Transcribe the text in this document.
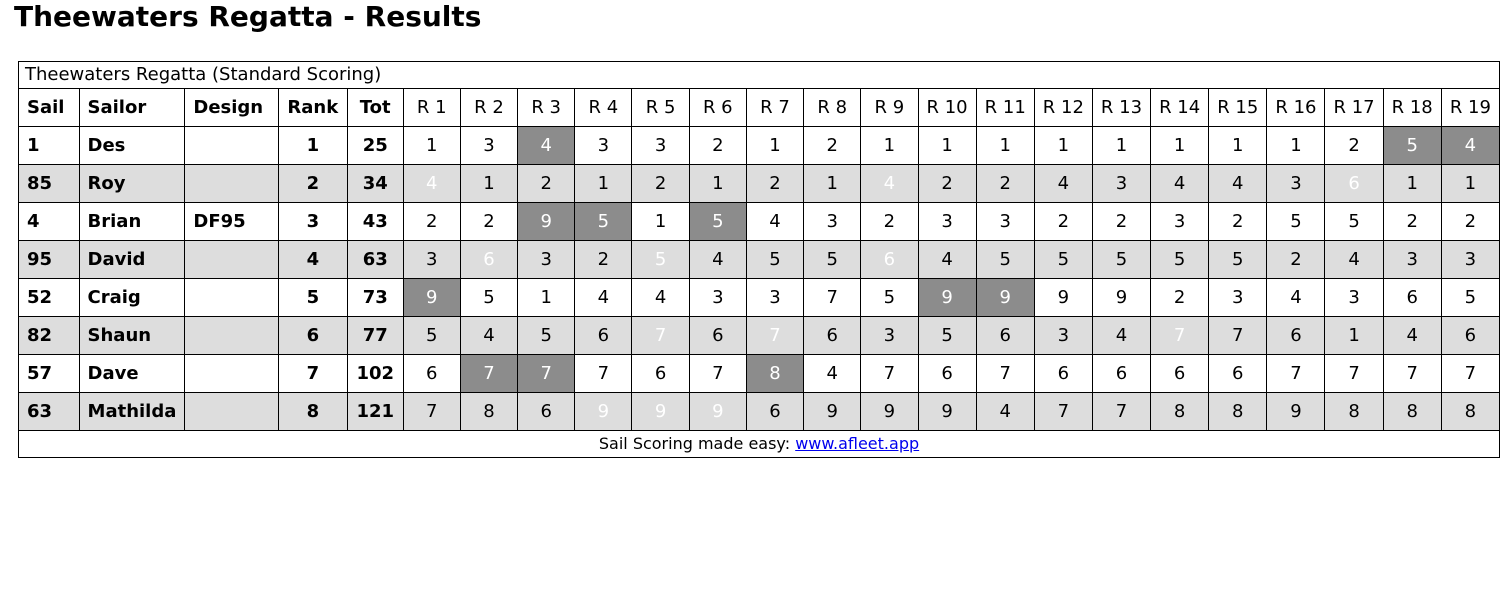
Theewaters Regatta - Results
Theewaters Regatta (Standard Scoring)																							
Sail	Sailor	Design	Rank	Tot	R 1	R 2	R 3	R 4	R 5	R 6	R 7	R 8	R 9	R 10	R 11	R 12	R 13	R 14	R 15	R 16	R 17	R 18	R 19
1	Des		1	25	1	3	4	3	3	2	1	2	1	1	1	1	1	1	1	1	2	5	4
85	Roy		2	34	4	1	2	1	2	1	2	1	4	2	2	4	3	4	4	3	6	1	1
4	Brian	DF95	3	43	2	2	9	5	1	5	4	3	2	3	3	2	2	3	2	5	5	2	2
95	David		4	63	3	6	3	2	5	4	5	5	6	4	5	5	5	5	5	2	4	3	3
52	Craig		5	73	9	5	1	4	4	3	3	7	5	9	9	9	9	2	3	4	3	6	5
82	Shaun		6	77	5	4	5	6	7	6	7	6	3	5	6	3	4	7	7	6	1	4	6
57	Dave		7	102	6	7	7	7	6	7	8	4	7	6	7	6	6	6	6	7	7	7	7
63	Mathilda		8	121	7	8	6	9	9	9	6	9	9	9	4	7	7	8	8	9	8	8	8
Sail Scoring made easy: www.afleet.app																							
